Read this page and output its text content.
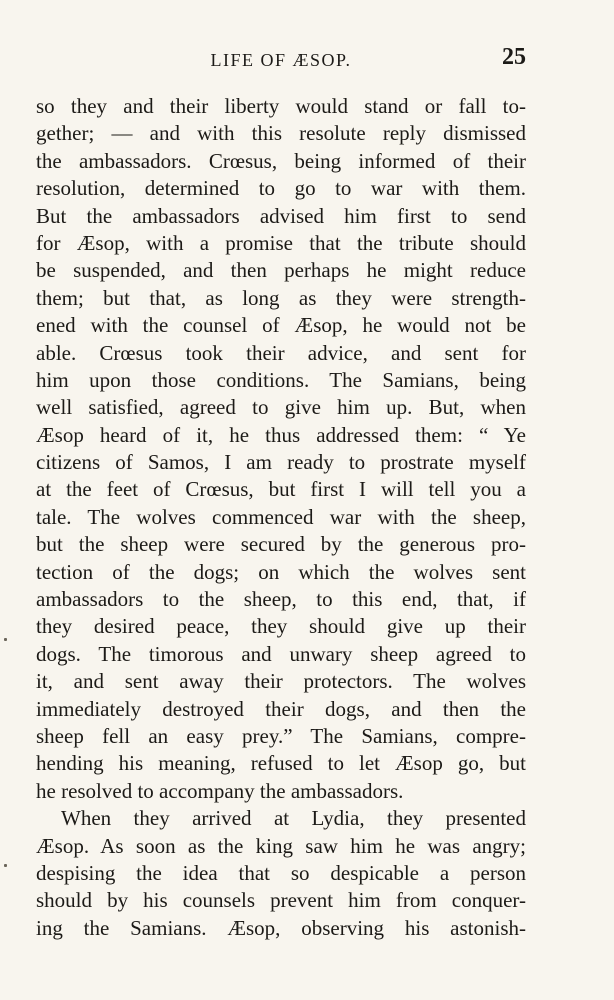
LIFE OF ÆSOP.	25
so they and their liberty would stand or fall to-
gether; — and with this resolute reply dismissed
the ambassadors. Crœsus, being informed of their
resolution, determined to go to war with them.
But the ambassadors advised him first to send
for Æsop, with a promise that the tribute should
be suspended, and then perhaps he might reduce
them; but that, as long as they were strength-
ened with the counsel of Æsop, he would not be
able. Crœsus took their advice, and sent for
him upon those conditions. The Samians, being
well satisfied, agreed to give him up. But, when
Æsop heard of it, he thus addressed them: “ Ye
citizens of Samos, I am ready to prostrate myself
at the feet of Crœsus, but first I will tell you a
tale. The wolves commenced war with the sheep,
but the sheep were secured by the generous pro-
tection of the dogs; on which the wolves sent
ambassadors to the sheep, to this end, that, if
they desired peace, they should give up their
dogs. The timorous and unwary sheep agreed to
it, and sent away their protectors. The wolves
immediately destroyed their dogs, and then the
sheep fell an easy prey.” The Samians, compre-
hending his meaning, refused to let Æsop go, but
he resolved to accompany the ambassadors.
When they arrived at Lydia, they presented
Æsop. As soon as the king saw him he was angry;
despising the idea that so despicable a person
should by his counsels prevent him from conquer-
ing the Samians. Æsop, observing his astonish-
